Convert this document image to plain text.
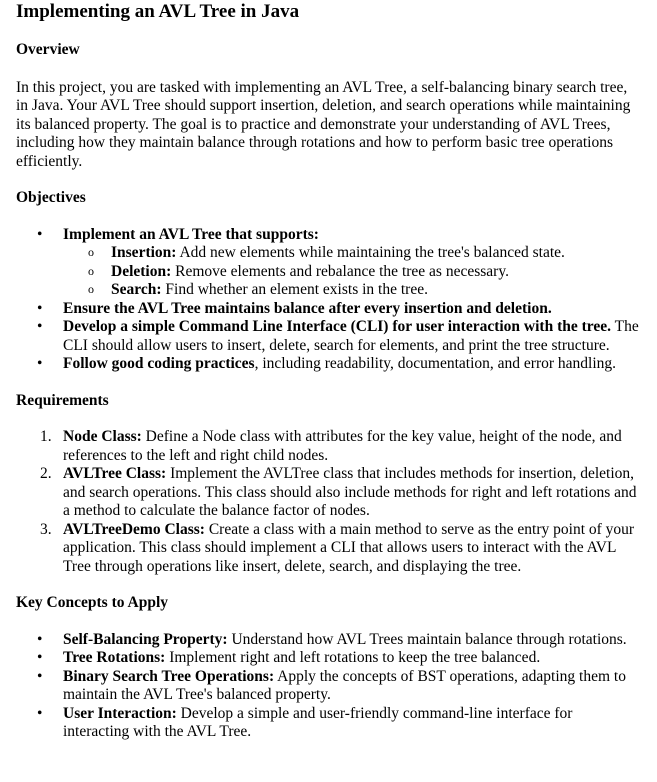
Implementing an AVL Tree in Java
Overview

In this project, you are tasked with implementing an AVL Tree, a self-balancing binary search tree, in Java. Your AVL Tree should support insertion, deletion, and search operations while maintaining its balanced property. The goal is to practice and demonstrate your understanding of AVL Trees, including how they maintain balance through rotations and how to perform basic tree operations efficiently.

Objectives
• Implement an AVL Tree that supports:
o Insertion: Add new elements while maintaining the tree's balanced state.
o Deletion: Remove elements and rebalance the tree as necessary.
o Search: Find whether an element exists in the tree.
• Ensure the AVL Tree maintains balance after every insertion and deletion.
• Develop a simple Command Line Interface (CLI) for user interaction with the tree. The CLI should allow users to insert, delete, search for elements, and print the tree structure.
• Follow good coding practices, including readability, documentation, and error handling.
Requirements
1. Node Class: Define a Node class with attributes for the key value, height of the node, and references to the left and right child nodes.
2. AVLTree Class: Implement the AVLTree class that includes methods for insertion, deletion, and search operations. This class should also include methods for right and left rotations and a method to calculate the balance factor of nodes.
3. AVLTreeDemo Class: Create a class with a main method to serve as the entry point of your application. This class should implement a CLI that allows users to interact with the AVL Tree through operations like insert, delete, search, and displaying the tree.
Key Concepts to Apply
• Self-Balancing Property: Understand how AVL Trees maintain balance through rotations.
• Tree Rotations: Implement right and left rotations to keep the tree balanced.
• Binary Search Tree Operations: Apply the concepts of BST operations, adapting them to maintain the AVL Tree's balanced property.
• User Interaction: Develop a simple and user-friendly command-line interface for interacting with the AVL Tree.
